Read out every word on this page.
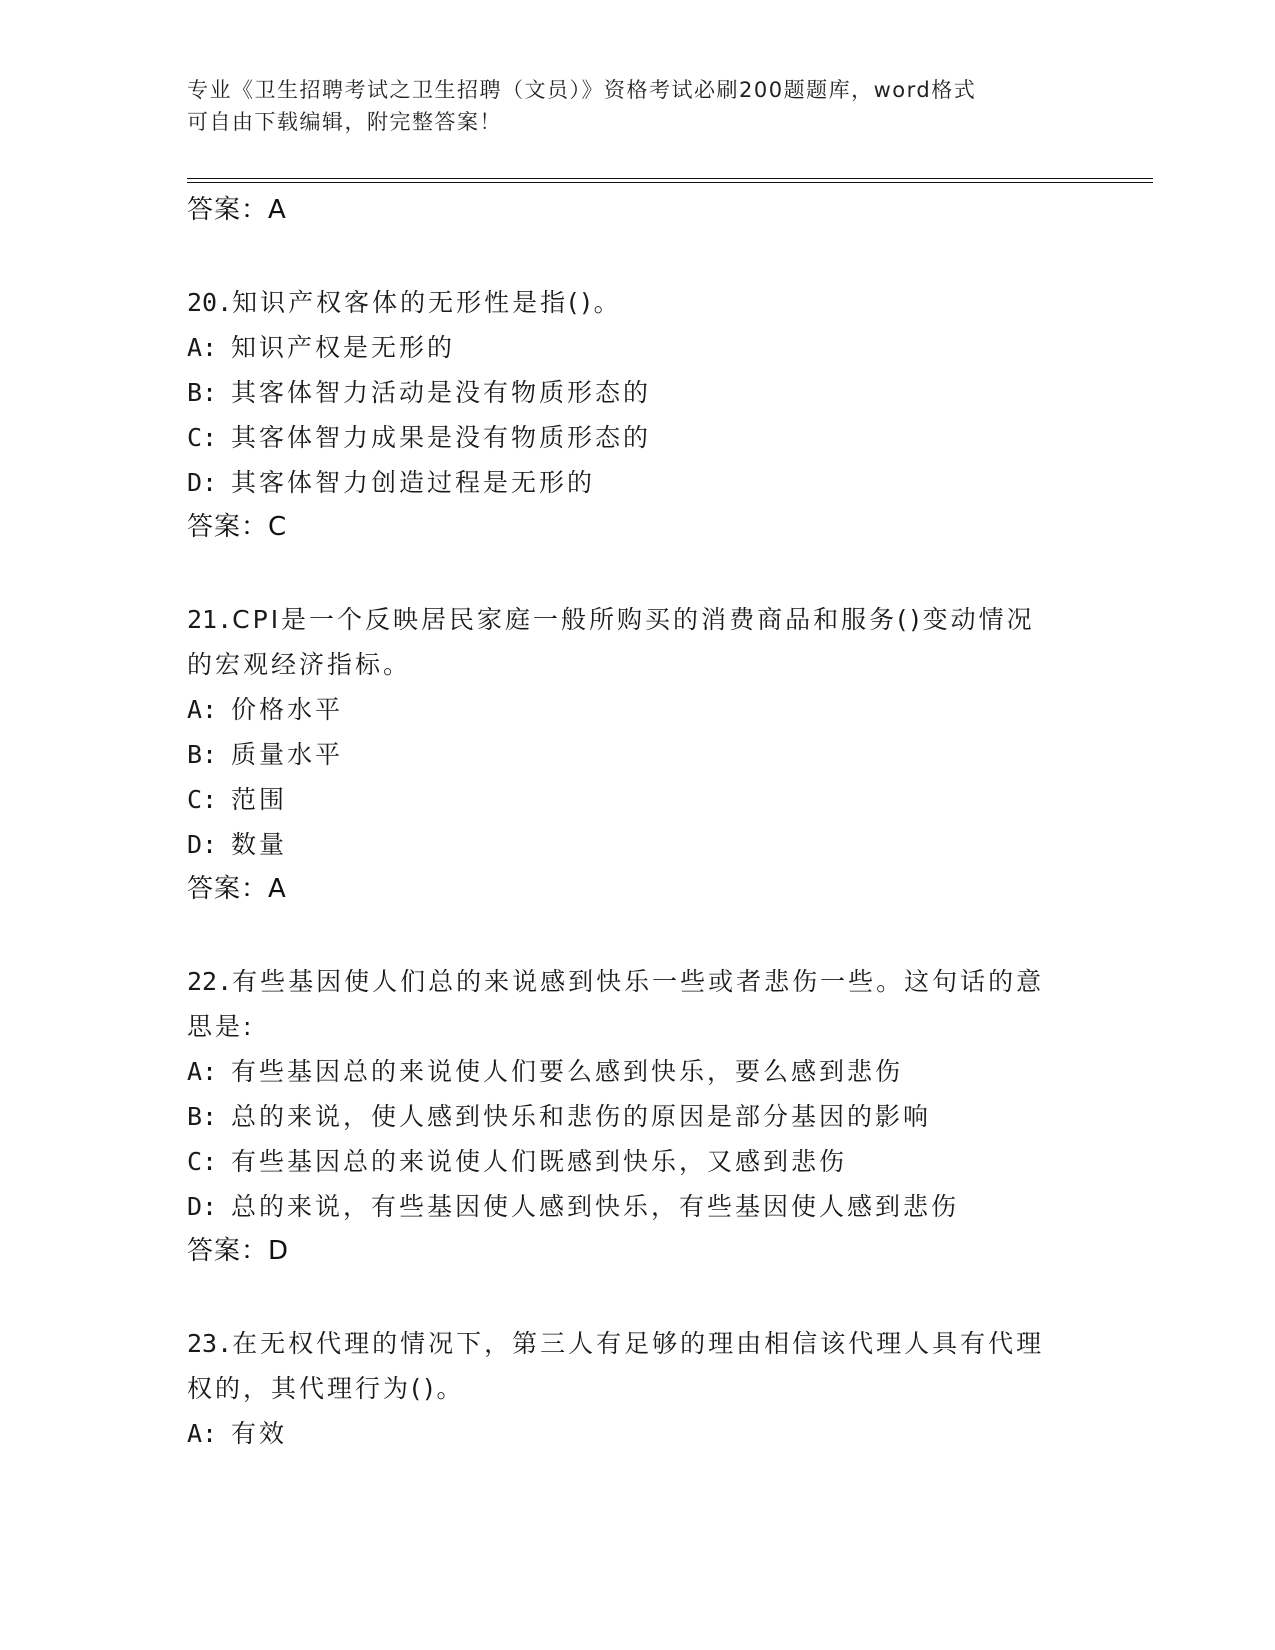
专业《卫生招聘考试之卫生招聘（文员）》资格考试必刷200题题库，word格式
可自由下载编辑，附完整答案！
答案：A
20.知识产权客体的无形性是指()。
A: 知识产权是无形的
B: 其客体智力活动是没有物质形态的
C: 其客体智力成果是没有物质形态的
D: 其客体智力创造过程是无形的
答案：C
21.CPI是一个反映居民家庭一般所购买的消费商品和服务()变动情况
的宏观经济指标。
A: 价格水平
B: 质量水平
C: 范围
D: 数量
答案：A
22.有些基因使人们总的来说感到快乐一些或者悲伤一些。这句话的意
思是:
A: 有些基因总的来说使人们要么感到快乐，要么感到悲伤
B: 总的来说，使人感到快乐和悲伤的原因是部分基因的影响
C: 有些基因总的来说使人们既感到快乐，又感到悲伤
D: 总的来说，有些基因使人感到快乐，有些基因使人感到悲伤
答案：D
23.在无权代理的情况下，第三人有足够的理由相信该代理人具有代理
权的，其代理行为()。
A: 有效
